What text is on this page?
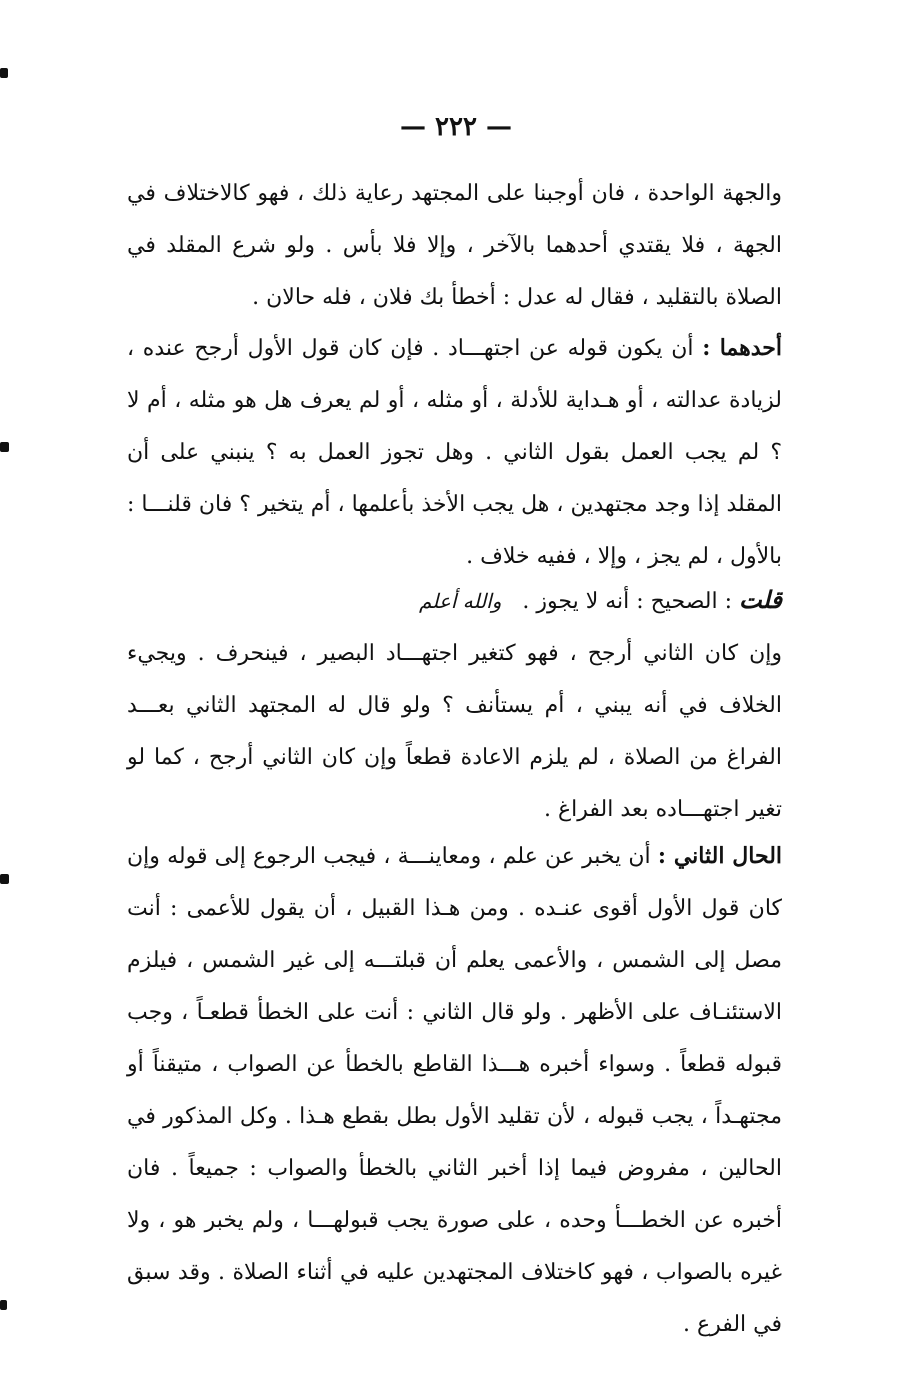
— ٢٢٢ —
والجهة الواحدة ، فان أوجبنا على المجتهد رعاية ذلك ، فهو كالاختلاف في الجهة ، فلا يقتدي أحدهما بالآخر ، وإلا فلا بأس . ولو شرع المقلد في الصلاة بالتقليد ، فقال له عدل : أخطأ بك فلان ، فله حالان .
أحدهما : أن يكون قوله عن اجتهـــاد . فإن كان قول الأول أرجح عنده ، لزيادة عدالته ، أو هـداية للأدلة ، أو مثله ، أو لم يعرف هل هو مثله ، أم لا ؟ لم يجب العمل بقول الثاني . وهل تجوز العمل به ؟ ينبني على أن المقلد إذا وجد مجتهدين ، هل يجب الأخذ بأعلمها ، أم يتخير ؟ فان قلنـــا : بالأول ، لم يجز ، وإلا ، ففيه خلاف .
قلت : الصحيح : أنه لا يجوز . والله أعلم
وإن كان الثاني أرجح ، فهو كتغير اجتهـــاد البصير ، فينحرف . ويجيء الخلاف في أنه يبني ، أم يستأنف ؟ ولو قال له المجتهد الثاني بعـــد الفراغ من الصلاة ، لم يلزم الاعادة قطعاً وإن كان الثاني أرجح ، كما لو تغير اجتهـــاده بعد الفراغ .
الحال الثاني : أن يخبر عن علم ، ومعاينـــة ، فيجب الرجوع إلى قوله وإن كان قول الأول أقوى عنـده . ومن هـذا القبيل ، أن يقول للأعمى : أنت مصل إلى الشمس ، والأعمى يعلم أن قبلتـــه إلى غير الشمس ، فيلزم الاستئنـاف على الأظهر . ولو قال الثاني : أنت على الخطأ قطعـاً ، وجب قبوله قطعاً . وسواء أخبره هـــذا القاطع بالخطأ عن الصواب ، متيقناً أو مجتهـداً ، يجب قبوله ، لأن تقليد الأول بطل بقطع هـذا . وكل المذكور في الحالين ، مفروض فيما إذا أخبر الثاني بالخطأ والصواب : جميعاً . فان أخبره عن الخطـــأ وحده ، على صورة يجب قبولهـــا ، ولم يخبر هو ، ولا غيره بالصواب ، فهو كاختلاف المجتهدين عليه في أثناء الصلاة . وقد سبق في الفرع .
